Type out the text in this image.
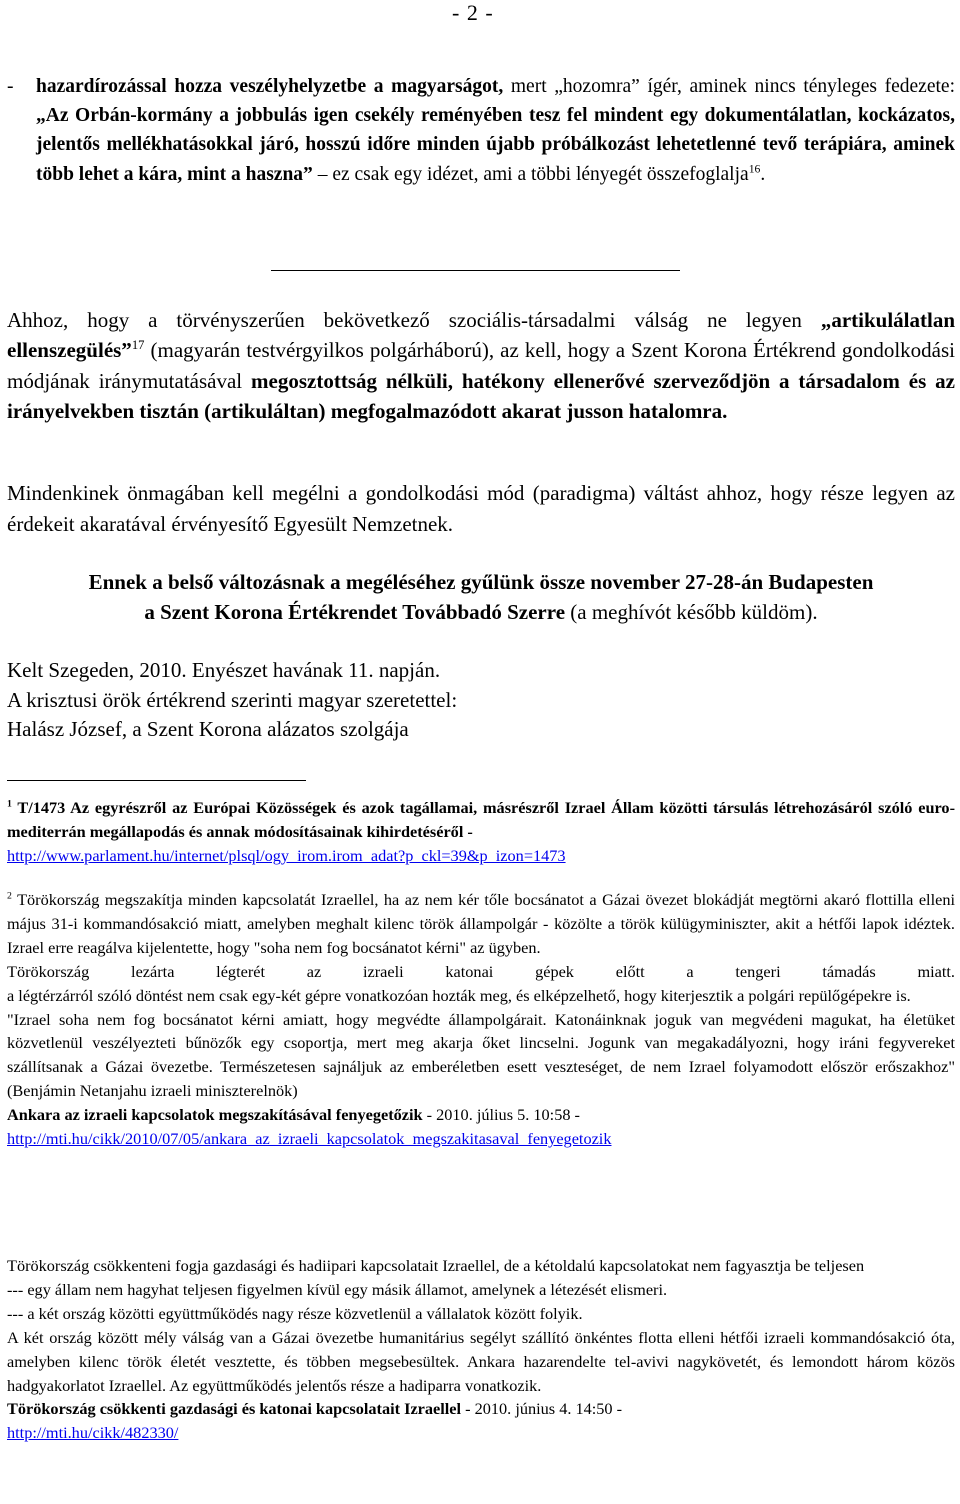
- 2 -
- hazardírozással hozza veszélyhelyzetbe a magyarságot, mert „hozomra” ígér, aminek nincs tényleges fedezete: „Az Orbán-kormány a jobbulás igen csekély reményében tesz fel mindent egy dokumentálatlan, kockázatos, jelentős mellékhatásokkal járó, hosszú időre minden újabb próbálkozást lehetetlenné tevő terápiára, aminek több lehet a kára, mint a haszna” – ez csak egy idézet, ami a többi lényegét összefoglalja$^{16}$.
Ahhoz, hogy a törvényszerűen bekövetkező szociális-társadalmi válság ne legyen „artikulálatlan ellenszegülés”$^{17}$ (magyarán testvérgyilkos polgárháború), az kell, hogy a Szent Korona Értékrend gondolkodási módjának iránymutatásával megosztottság nélküli, hatékony ellenerővé szerveződjön a társadalom és az irányelvekben tisztán (artikuláltan) megfogalmazódott akarat jusson hatalomra.
Mindenkinek önmagában kell megélni a gondolkodási mód (paradigma) váltást ahhoz, hogy része legyen az érdekeit akaratával érvényesítő Egyesült Nemzetnek.
Ennek a belső változásnak a megéléséhez gyűlünk össze november 27-28-án Budapesten
a Szent Korona Értékrendet Továbbadó Szerre (a meghívót később küldöm).
Kelt Szegeden, 2010. Enyészet havának 11. napján.
A krisztusi örök értékrend szerinti magyar szeretettel:
Halász József, a Szent Korona alázatos szolgája
$^1$ T/1473 Az egyrészről az Európai Közösségek és azok tagállamai, másrészről Izrael Állam közötti társulás létrehozásáról szóló euro-mediterrán megállapodás és annak módosításainak kihirdetéséről -
http://www.parlament.hu/internet/plsql/ogy_irom.irom_adat?p_ckl=39&p_izon=1473
$^2$ Törökország megszakítja minden kapcsolatát Izraellel, ha az nem kér tőle bocsánatot a Gázai övezet blokádját megtörni akaró flottilla elleni május 31-i kommandósakció miatt, amelyben meghalt kilenc török állampolgár - közölte a török külügyminiszter, akit a hétfői lapok idéztek. Izrael erre reagálva kijelentette, hogy "soha nem fog bocsánatot kérni" az ügyben.
Törökország lezárta légterét az izraeli katonai gépek előtt a tengeri támadás miatt.
a légtérzárról szóló döntést nem csak egy-két gépre vonatkozóan hozták meg, és elképzelhető, hogy kiterjesztik a polgári repülőgépekre is.
"Izrael soha nem fog bocsánatot kérni amiatt, hogy megvédte állampolgárait. Katonáinknak joguk van megvédeni magukat, ha életüket közvetlenül veszélyezteti bűnözők egy csoportja, mert meg akarja őket lincselni. Jogunk van megakadályozni, hogy iráni fegyvereket szállítsanak a Gázai övezetbe. Természetesen sajnáljuk az emberéletben esett veszteséget, de nem Izrael folyamodott először erőszakhoz" (Benjámin Netanjahu izraeli miniszterelnök)
Ankara az izraeli kapcsolatok megszakításával fenyegetőzik - 2010. július 5. 10:58 -
http://mti.hu/cikk/2010/07/05/ankara_az_izraeli_kapcsolatok_megszakitasaval_fenyegetozik
Törökország csökkenteni fogja gazdasági és hadiipari kapcsolatait Izraellel, de a kétoldalú kapcsolatokat nem fagyasztja be teljesen
--- egy állam nem hagyhat teljesen figyelmen kívül egy másik államot, amelynek a létezését elismeri.
--- a két ország közötti együttműködés nagy része közvetlenül a vállalatok között folyik.
A két ország között mély válság van a Gázai övezetbe humanitárius segélyt szállító önkéntes flotta elleni hétfői izraeli kommandósakció óta, amelyben kilenc török életét vesztette, és többen megsebesültek. Ankara hazarendelte tel-avivi nagykövetét, és lemondott három közös hadgyakorlatot Izraellel. Az együttműködés jelentős része a hadiparra vonatkozik.
Törökország csökkenti gazdasági és katonai kapcsolatait Izraellel - 2010. június 4. 14:50 -
http://mti.hu/cikk/482330/
